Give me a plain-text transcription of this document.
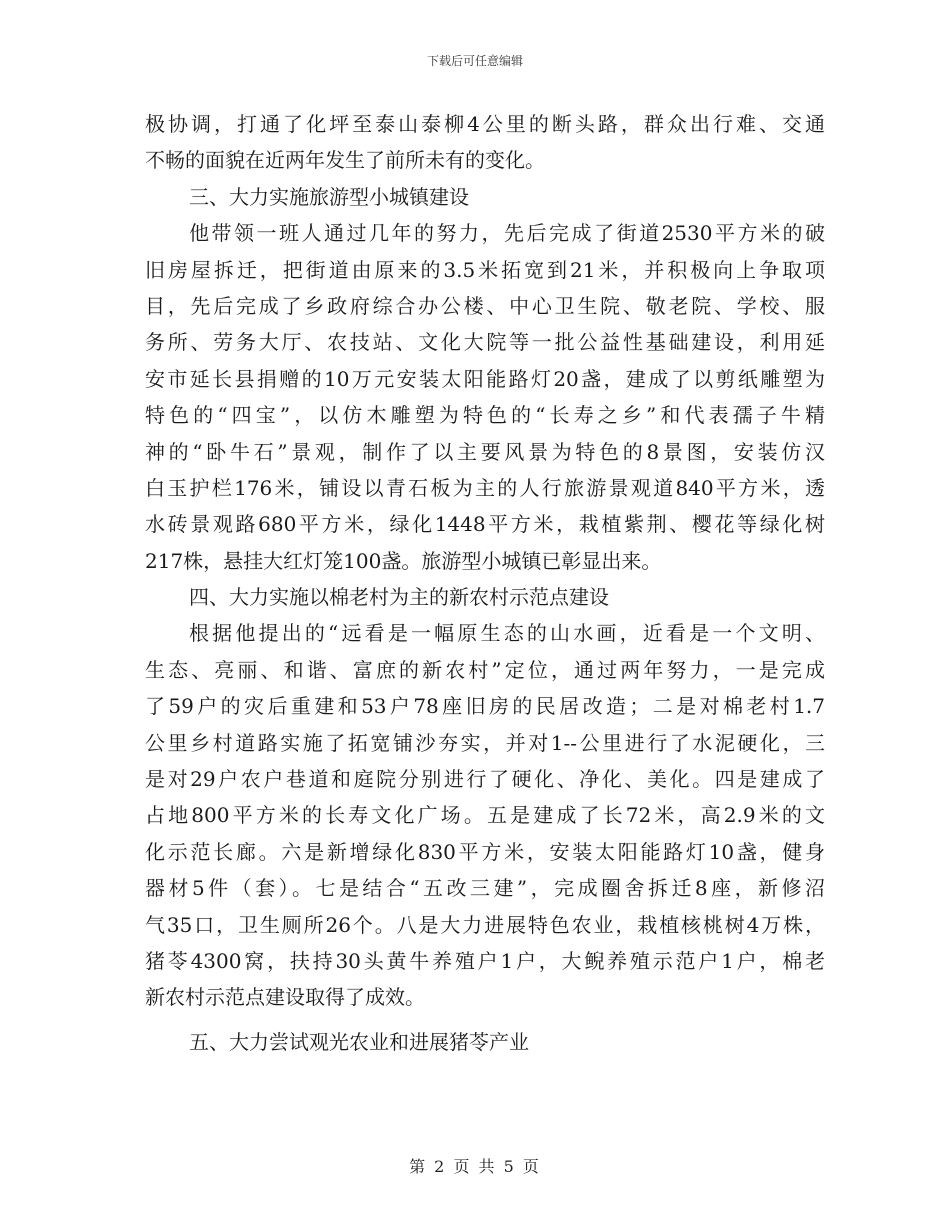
下载后可任意编辑
极协调，打通了化坪至泰山泰柳4公里的断头路，群众出行难、交通
不畅的面貌在近两年发生了前所未有的变化。
三、大力实施旅游型小城镇建设
他带领一班人通过几年的努力，先后完成了街道2530平方米的破
旧房屋拆迁，把街道由原来的3.5米拓宽到21米，并积极向上争取项
目，先后完成了乡政府综合办公楼、中心卫生院、敬老院、学校、服
务所、劳务大厅、农技站、文化大院等一批公益性基础建设，利用延
安市延长县捐赠的10万元安装太阳能路灯20盏，建成了以剪纸雕塑为
特色的“四宝”，以仿木雕塑为特色的“长寿之乡”和代表孺子牛精
神的“卧牛石”景观，制作了以主要风景为特色的8景图，安装仿汉
白玉护栏176米，铺设以青石板为主的人行旅游景观道840平方米，透
水砖景观路680平方米，绿化1448平方米，栽植紫荆、樱花等绿化树
217株，悬挂大红灯笼100盏。旅游型小城镇已彰显出来。
四、大力实施以棉老村为主的新农村示范点建设
根据他提出的“远看是一幅原生态的山水画，近看是一个文明、
生态、亮丽、和谐、富庶的新农村”定位，通过两年努力，一是完成
了59户的灾后重建和53户78座旧房的民居改造；二是对棉老村1.7
公里乡村道路实施了拓宽铺沙夯实，并对1--公里进行了水泥硬化，三
是对29户农户巷道和庭院分别进行了硬化、净化、美化。四是建成了
占地800平方米的长寿文化广场。五是建成了长72米，高2.9米的文
化示范长廊。六是新增绿化830平方米，安装太阳能路灯10盏，健身
器材5件（套）。七是结合“五改三建”，完成圈舍拆迁8座，新修沼
气35口，卫生厕所26个。八是大力进展特色农业，栽植核桃树4万株，
猪苓4300窝，扶持30头黄牛养殖户1户，大鲵养殖示范户1户，棉老
新农村示范点建设取得了成效。
五、大力尝试观光农业和进展猪苓产业
第 2 页 共 5 页
